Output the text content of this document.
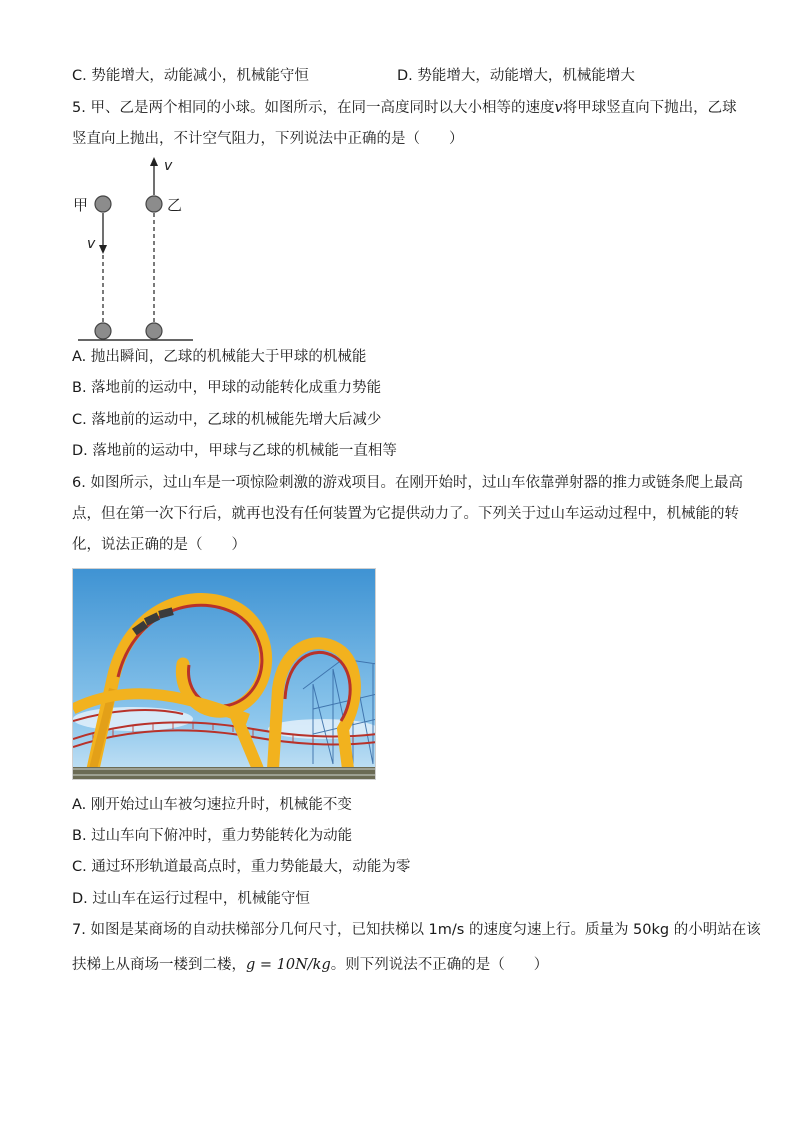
C. 势能增大，动能减小，机械能守恒	D. 势能增大，动能增大，机械能增大
5. 甲、乙是两个相同的小球。如图所示，在同一高度同时以大小相等的速度v将甲球竖直向下抛出，乙球
竖直向上抛出，不计空气阻力，下列说法中正确的是（　　）
甲	乙
v
v
A. 抛出瞬间，乙球的机械能大于甲球的机械能
B. 落地前的运动中，甲球的动能转化成重力势能
C. 落地前的运动中，乙球的机械能先增大后减少
D. 落地前的运动中，甲球与乙球的机械能一直相等
6. 如图所示，过山车是一项惊险刺激的游戏项目。在刚开始时，过山车依靠弹射器的推力或链条爬上最高
点，但在第一次下行后，就再也没有任何装置为它提供动力了。下列关于过山车运动过程中，机械能的转
化，说法正确的是（　　）
A. 刚开始过山车被匀速拉升时，机械能不变
B. 过山车向下俯冲时，重力势能转化为动能
C. 通过环形轨道最高点时，重力势能最大，动能为零
D. 过山车在运行过程中，机械能守恒
7. 如图是某商场的自动扶梯部分几何尺寸，已知扶梯以 1m/s 的速度匀速上行。质量为 50kg 的小明站在该
扶梯上从商场一楼到二楼，g = 10N/kg。则下列说法不正确的是（　　）
